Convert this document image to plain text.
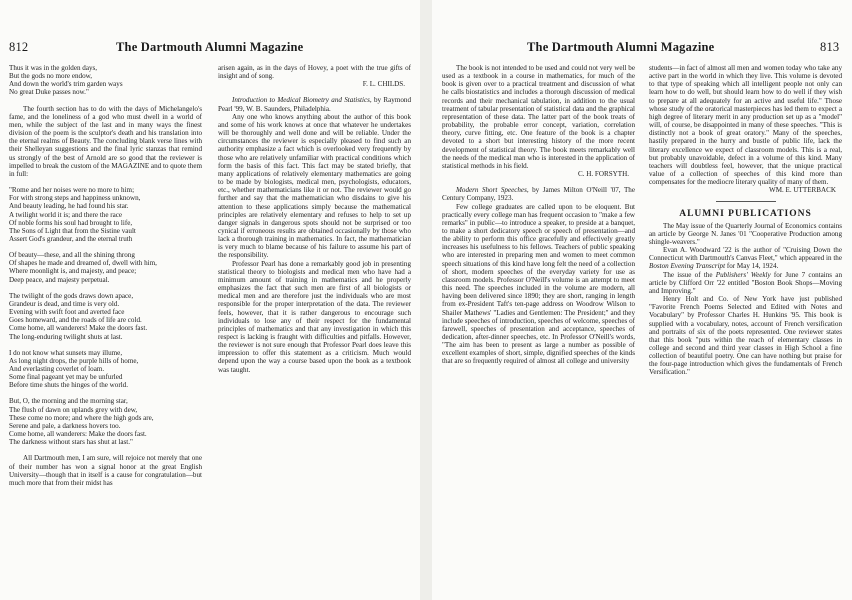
812	The Dartmouth Alumni Magazine
Thus it was in the golden days,
But the gods no more endow,
And down the world's trim garden ways
No great Duke passes now."

The fourth section has to do with the days of Michelangelo's fame, and the loneliness of a god who must dwell in a world of men, while the subject of the last and in many ways the finest division of the poem is the sculptor's death and his translation into the eternal realms of Beauty. The concluding blank verse lines with their Shelleyan suggestions and the final lyric stanzas that remind us strongly of the best of Arnold are so good that the reviewer is impelled to break the custom of the MAGAZINE and to quote them in full:

"Rome and her noises were no more to him;
For with strong steps and happiness unknown,
And beauty leading, he had found his star.
A twilight world it is; and there the race
Of noble forms his soul had brought to life,
The Sons of Light that from the Sistine vault
Assert God's grandeur, and the eternal truth
Of beauty—these, and all the shining throng
Of shapes he made and dreamed of, dwell with him,
Where moonlight is, and majesty, and peace;
Deep peace, and majesty perpetual.
The twilight of the gods draws down apace,
Grandeur is dead, and time is very old.
Evening with swift foot and averted face
Goes homeward, and the roads of life are cold.
Come home, all wanderers! Make the doors fast.
The long-enduring twilight shuts at last.
I do not know what sunsets may illume,
As long night drops, the purple hills of home,
And everlasting coverlet of loam.
Some final pageant yet may be unfurled
Before time shuts the hinges of the world.
But, O, the morning and the morning star,
The flush of dawn on uplands grey with dew,
These come no more; and where the high gods are,
Serene and pale, a darkness hovers too.
Come home, all wanderers: Make the doors fast.
The darkness without stars has shut at last."

All Dartmouth men, I am sure, will rejoice not merely that one of their number has won a signal honor at the great English University—though that in itself is a cause for congratulation—but much more that from their midst has

arisen again, as in the days of Hovey, a poet with the true gifts of insight and of song.

F. L. CHILDS.

Introduction to Medical Biometry and Statistics, by Raymond Pearl '99, W. B. Saunders, Philadelphia.

Any one who knows anything about the author of this book and some of his work knows at once that whatever he undertakes will be thoroughly and well done and will be reliable. Under the circumstances the reviewer is especially pleased to find such an authority emphasize a fact which is overlooked very frequently by those who are relatively unfamiliar with practical conditions which form the basis of this fact. This fact may be stated briefly, that many applications of relatively elementary mathematics are going to be made by biologists, medical men, psychologists, educators, etc., whether mathematicians like it or not. The reviewer would go further and say that the mathematician who disdains to give his attention to these applications simply because the mathematical principles are relatively elementary and refuses to help to set up danger signals in dangerous spots should not be surprised or too cynical if erroneous results are obtained occasionally by those who lack a thorough training in mathematics. In fact, the mathematician is very much to blame because of his failure to assume his part of the responsibility.

Professor Pearl has done a remarkably good job in presenting statistical theory to biologists and medical men who have had a minimum amount of training in mathematics and he properly emphasizes the fact that such men are first of all biologists or medical men and are therefore just the individuals who are most responsible for the proper interpretation of the data. The reviewer feels, however, that it is rather dangerous to encourage such individuals to lose any of their respect for the fundamental principles of mathematics and that any investigation in which this respect is lacking is fraught with difficulties and pitfalls. However, the reviewer is not sure enough that Professor Pearl does leave this impression to offer this statement as a criticism. Much would depend upon the way a course based upon the book as a textbook was taught.

The Dartmouth Alumni Magazine	813

The book is not intended to be used and could not very well be used as a textbook in a course in mathematics, for much of the book is given over to a practical treatment and discussion of what he calls biostatistics and includes a thorough discussion of medical records and their mechanical tabulation, in addition to the usual treatment of tabular presentation of statistical data and the graphical representation of these data. The latter part of the book treats of probability, the probable error concept, variation, correlation theory, curve fitting, etc. One feature of the book is a chapter devoted to a short but interesting history of the more recent development of statistical theory. The book meets remarkably well the needs of the medical man who is interested in the application of statistical methods in his field.

C. H. FORSYTH.

Modern Short Speeches, by James Milton O'Neill '07, The Century Company, 1923.

Few college graduates are called upon to be eloquent. But practically every college man has frequent occasion to "make a few remarks" in public—to introduce a speaker, to preside at a banquet, to make a short dedicatory speech or speech of presentation—and the ability to perform this office gracefully and effectively greatly increases his usefulness to his fellows. Teachers of public speaking who are interested in preparing men and women to meet common speech situations of this kind have long felt the need of a collection of short, modern speeches of the everyday variety for use as classroom models. Professor O'Neill's volume is an attempt to meet this need. The speeches included in the volume are modern, all having been delivered since 1890; they are short, ranging in length from ex-President Taft's ten-page address on Woodrow Wilson to Shailer Mathews' "Ladies and Gentlemen: The President;" and they include speeches of introduction, speeches of welcome, speeches of farewell, speeches of presentation and acceptance, speeches of dedication, after-dinner speeches, etc. In Professor O'Neill's words, "The aim has been to present as large a number as possible of excellent examples of short, simple, dignified speeches of the kinds that are so frequently required of almost all college and university

students—in fact of almost all men and women today who take any active part in the world in which they live. This volume is devoted to that type of speaking which all intelligent people not only can learn how to do well, but should learn how to do well if they wish to prepare at all adequately for an active and useful life." Those whose study of the oratorical masterpieces has led them to expect a high degree of literary merit in any production set up as a "model" will, of course, be disappointed in many of these speeches. "This is distinctly not a book of great oratory." Many of the speeches, hastily prepared in the hurry and bustle of public life, lack the literary excellence we expect of classroom models. This is a real, but probably unavoidable, defect in a volume of this kind. Many teachers will doubtless feel, however, that the unique practical value of a collection of speeches of this kind more than compensates for the mediocre literary quality of many of them.

WM. E. UTTERBACK
ALUMNI PUBLICATIONS

The May issue of the Quarterly Journal of Economics contains an article by George N. Janes '01 "Cooperative Production among shingle-weavers."

Evan A. Woodward '22 is the author of "Cruising Down the Connecticut with Dartmouth's Canvas Fleet," which appeared in the Boston Evening Transcript for May 14, 1924.

The issue of the Publishers' Weekly for June 7 contains an article by Clifford Orr '22 entitled "Boston Book Shops—Moving and Improving."

Henry Holt and Co. of New York have just published "Favorite French Poems Selected and Edited with Notes and Vocabulary" by Professor Charles H. Hunkins '95. This book is supplied with a vocabulary, notes, account of French versification and portraits of six of the poets represented. One reviewer states that this book "puts within the reach of elementary classes in college and second and third year classes in High School a fine collection of beautiful poetry. One can have nothing but praise for the four-page introduction which gives the fundamentals of French Versification."
